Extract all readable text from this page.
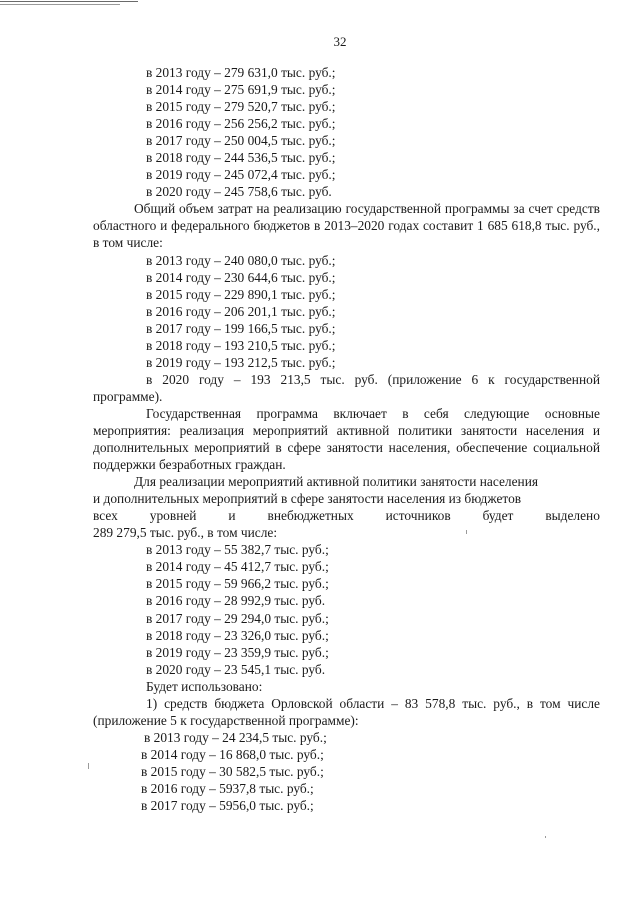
32
в 2013 году – 279 631,0 тыс. руб.;
в 2014 году – 275 691,9 тыс. руб.;
в 2015 году – 279 520,7 тыс. руб.;
в 2016 году – 256 256,2 тыс. руб.;
в 2017 году – 250 004,5 тыс. руб.;
в 2018 году – 244 536,5 тыс. руб.;
в 2019 году – 245 072,4 тыс. руб.;
в 2020 году – 245 758,6 тыс. руб.
Общий объем затрат на реализацию государственной программы за счет средств областного и федерального бюджетов в 2013–2020 годах составит 1 685 618,8 тыс. руб., в том числе:
в 2013 году – 240 080,0 тыс. руб.;
в 2014 году – 230 644,6 тыс. руб.;
в 2015 году – 229 890,1 тыс. руб.;
в 2016 году – 206 201,1 тыс. руб.;
в 2017 году – 199 166,5 тыс. руб.;
в 2018 году – 193 210,5 тыс. руб.;
в 2019 году – 193 212,5 тыс. руб.;
в 2020 году – 193 213,5 тыс. руб. (приложение 6 к государственной программе).
Государственная программа включает в себя следующие основные мероприятия: реализация мероприятий активной политики занятости населения и дополнительных мероприятий в сфере занятости населения, обеспечение социальной поддержки безработных граждан.
Для реализации мероприятий активной политики занятости населения
и дополнительных мероприятий в сфере занятости населения из бюджетов
всех уровней и внебюджетных источников будет выделено
289 279,5 тыс. руб., в том числе:
в 2013 году – 55 382,7 тыс. руб.;
в 2014 году – 45 412,7 тыс. руб.;
в 2015 году – 59 966,2 тыс. руб.;
в 2016 году – 28 992,9 тыс. руб.
в 2017 году – 29 294,0 тыс. руб.;
в 2018 году – 23 326,0 тыс. руб.;
в 2019 году – 23 359,9 тыс. руб.;
в 2020 году – 23 545,1 тыс. руб.
Будет использовано:
1) средств бюджета Орловской области – 83 578,8 тыс. руб., в том числе (приложение 5 к государственной программе):
в 2013 году – 24 234,5 тыс. руб.;
в 2014 году – 16 868,0 тыс. руб.;
в 2015 году – 30 582,5 тыс. руб.;
в 2016 году – 5937,8 тыс. руб.;
в 2017 году – 5956,0 тыс. руб.;
